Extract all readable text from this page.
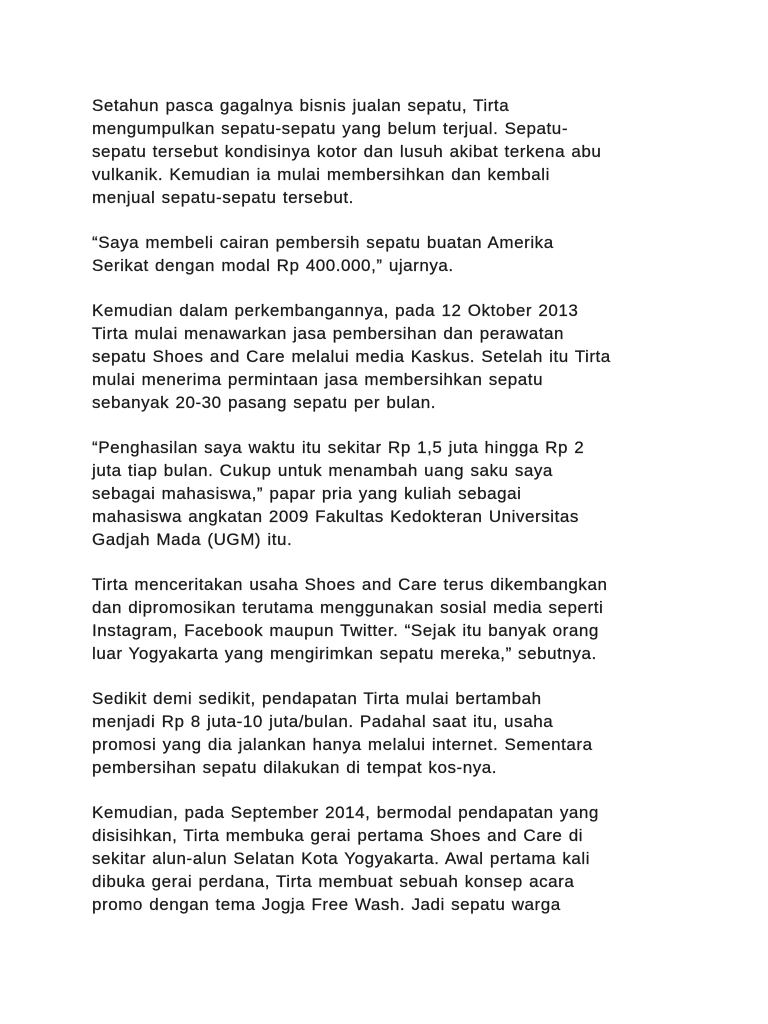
Setahun pasca gagalnya bisnis jualan sepatu, Tirta
mengumpulkan sepatu-sepatu yang belum terjual. Sepatu-
sepatu tersebut kondisinya kotor dan lusuh akibat terkena abu
vulkanik. Kemudian ia mulai membersihkan dan kembali
menjual sepatu-sepatu tersebut.

“Saya membeli cairan pembersih sepatu buatan Amerika
Serikat dengan modal Rp 400.000,” ujarnya.

Kemudian dalam perkembangannya, pada 12 Oktober 2013
Tirta mulai menawarkan jasa pembersihan dan perawatan
sepatu Shoes and Care melalui media Kaskus. Setelah itu Tirta
mulai menerima permintaan jasa membersihkan sepatu
sebanyak 20-30 pasang sepatu per bulan.

“Penghasilan saya waktu itu sekitar Rp 1,5 juta hingga Rp 2
juta tiap bulan. Cukup untuk menambah uang saku saya
sebagai mahasiswa,” papar pria yang kuliah sebagai
mahasiswa angkatan 2009 Fakultas Kedokteran Universitas
Gadjah Mada (UGM) itu.

Tirta menceritakan usaha Shoes and Care terus dikembangkan
dan dipromosikan terutama menggunakan sosial media seperti
Instagram, Facebook maupun Twitter. “Sejak itu banyak orang
luar Yogyakarta yang mengirimkan sepatu mereka,” sebutnya.

Sedikit demi sedikit, pendapatan Tirta mulai bertambah
menjadi Rp 8 juta-10 juta/bulan. Padahal saat itu, usaha
promosi yang dia jalankan hanya melalui internet. Sementara
pembersihan sepatu dilakukan di tempat kos-nya.

Kemudian, pada September 2014, bermodal pendapatan yang
disisihkan, Tirta membuka gerai pertama Shoes and Care di
sekitar alun-alun Selatan Kota Yogyakarta. Awal pertama kali
dibuka gerai perdana, Tirta membuat sebuah konsep acara
promo dengan tema Jogja Free Wash. Jadi sepatu warga
